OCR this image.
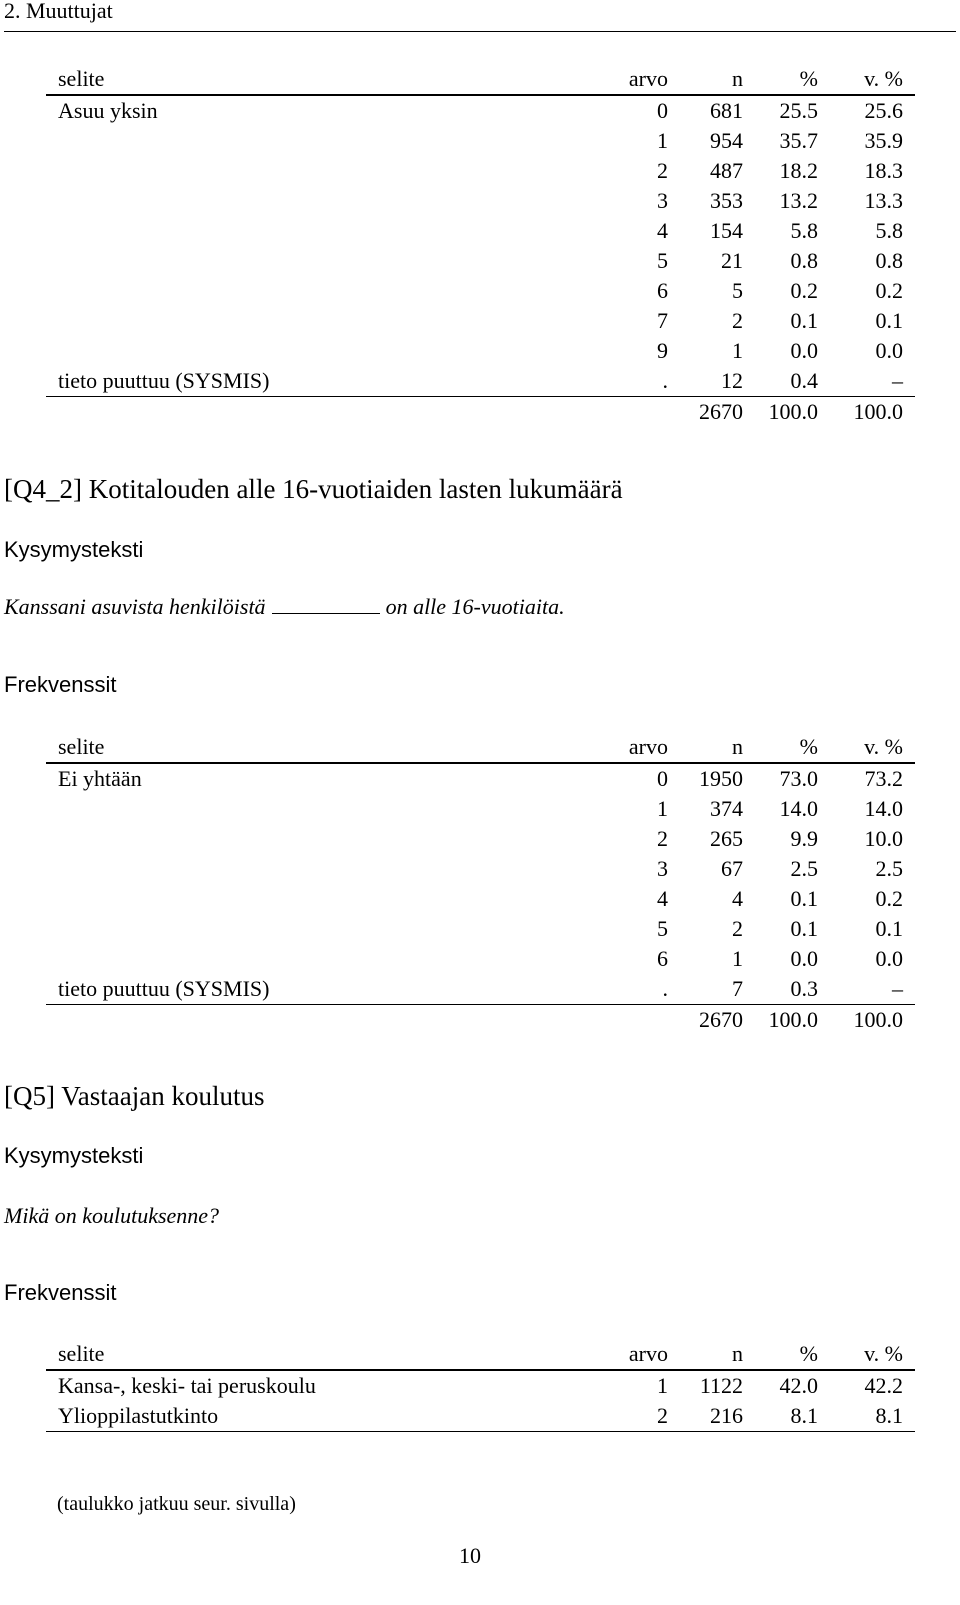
2. Muuttujat
selite	arvo	n	%	v. %
Asuu yksin	0	681	25.5	25.6
	1	954	35.7	35.9
	2	487	18.2	18.3
	3	353	13.2	13.3
	4	154	5.8	5.8
	5	21	0.8	0.8
	6	5	0.2	0.2
	7	2	0.1	0.1
	9	1	0.0	0.0
tieto puuttuu (SYSMIS)	.	12	0.4	–
		2670	100.0	100.0
[Q4_2] Kotitalouden alle 16-vuotiaiden lasten lukumäärä
Kysymysteksti
Kanssani asuvista henkilöistä	on alle 16-vuotiaita.
Frekvenssit
selite	arvo	n	%	v. %
Ei yhtään	0	1950	73.0	73.2
	1	374	14.0	14.0
	2	265	9.9	10.0
	3	67	2.5	2.5
	4	4	0.1	0.2
	5	2	0.1	0.1
	6	1	0.0	0.0
tieto puuttuu (SYSMIS)	.	7	0.3	–
		2670	100.0	100.0
[Q5] Vastaajan koulutus
Kysymysteksti
Mikä on koulutuksenne?
Frekvenssit
selite	arvo	n	%	v. %
Kansa-, keski- tai peruskoulu	1	1122	42.0	42.2
Ylioppilastutkinto	2	216	8.1	8.1
(taulukko jatkuu seur. sivulla)
10
